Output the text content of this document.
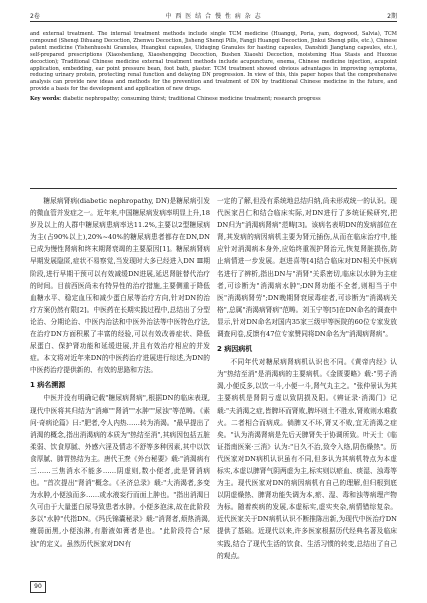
2卷	中 西 医 结 合 慢 性 病 杂 志	2期

and external treatment. The internal treatment methods include single TCM medicine (Huangqi, Poria, yam, dogwood, Salvia), TCM compound (Shenqi Dihuang Decoction, Zhenwu Decoction, Jisheng Shenqi Pills, Fangji Huangqi Decoction, Jinkui Shenqi pills, etc.), Chinese patent medicine (Yishenhuoshi Granules, Huangkui capsules, Uiduqing Granules for hasting capsules, Danshidi Jiangtang capsules, etc.), self-prepared prescriptions (Xiaoshenfang, Xiaoshengqing Decoction, Bushen Xiaoshi Decoction, moistening Hua Stasis and Huoxue decoction); Traditional Chinese medicine external treatment methods include acupuncture, enema, Chinese medicine injection, acupoint application, embedding, ear point pressure bean, foot bath, plaster. TCM treatment showed obvious advantages in improving symptoms, reducing urinary protein, protecting renal function and delaying DN progression. In view of this, this paper hopes that the comprehensive analysis can provide new ideas and methods for the prevention and treatment of DN by traditional Chinese medicine in the future, and provide a basis for the development and application of new drugs.

Key words: diabetic nephropathy; consuming thirst; traditional Chinese medicine treatment; research progress

糖尿病肾病(diabetic nephropathy, DN)是糖尿病引发的微血管并发症之一。近年来,中国糖尿病发病率明显上升,18岁及以上的人群中糖尿病患病率达11.2%,主要以2型糖尿病为主(占90%以上),20%~40%的糖尿病患者都存在DN,DN已成为慢性肾病和终末期肾衰竭的主要原因[1]。糖尿病肾病早期发展隐匿,症状不易察觉,当发现时大多已经进入DN Ⅲ期阶段,进行早期干预可以有效减缓DN进展,延迟肾脏替代治疗的时间。目前西医尚未有特异性的治疗措施,主要侧重于降低血糖水平、稳定血压和减少蛋白尿等治疗方向,针对DN的治疗方案仍然有限[2]。中医药在长期实践过程中,总结出了分型论治、分期论治、中医内治法和中医外治法等中医特色疗法,在治疗DN方面积累了丰富的经验,可以有效改善症状、降低尿蛋白、保护肾功能和延缓进展,并且有效治疗相应的并发症。本文将对近年来DN的中医药治疗进展进行综述,为DN的中医药治疗提供新的、有效的思路和方法。

1 病名溯源

中医并没有明确记载"糖尿病肾病",根据DN的临床表现,现代中医将其归结为"消瘅""肾消""水肿""尿浊"等范畴。《素问·奇病论篇》曰:"肥者,令人内热……转为消渴。"最早提出了消渴的概念,指出消渴病的本质为"热结至消",其病因包括五脏柔弱、饮食厚腻、外感六淫及情志不舒等多种因素,其中以饮食厚腻、肺胃热结为主。唐代王焘《外台秘要》载:"消渴病有三……三焦消水不能多……阴虚则,数小便者,此是肾消病也。"首次提出"肾消"概念。《圣济总录》载:"大消渴者,多变为水肿,小便浊而多……或水液妄行而面上肿也。"指出消渴日久可由于大量蛋白尿导致患者水肿。小便多泡沫,故在此阶段多以"水肿"代指DN。《玛氏锦囊秘录》载:"消肾者,烦热消渴,瘦弱面黑,小便浊淋,有脂液如膏者是也。"此阶段符合"尿浊"的定义。虽然历代医家对DN有

一定的了解,但没有系统地总结归纳,尚未形成统一的认识。现代医家吕仁和结合临床实际,对DN进行了多统证候研究,把DN归为"消渴病肾病"范畴[3]。该病名表明DN的发病部位在肾,其发病的病因病机主要为肾元插伤,从而在临床治疗中,能应针对消渴病本身外,应始终重视护肾治元,恢复肾脏损伤,防止病情进一步发展。赵进喜等[4]结合临床对DN相关中医病名进行了辨析,指出DN与"消肾"关系密切,临床以水肿为主症者,可诊断为"消渴病水肿";DN肾功能不全者,则相当于中医"消渴病肾劳";DN晚期肾衰尿毒症者,可诊断为"消渴病关格",总属"消渴病肾病"范畴。刘玉宁等[5]在DN命名的调查中显示,针对DN命名对国内35家三级甲等医院的60位专家发放调查问卷,反馈有47位专家赞同将DN命名为"消渴病肾病"。

2 病因病机

不同年代对糖尿病肾病机认识也不同。《黄帝内经》认为"热结至消"是消渴病的主要病机。《金匮要略》载:"男子消渴,小便反多,以饮一斗,小便一斗,肾气丸主之。"张仲景认为其主要病机是肾阴亏虚以致阴损及阳。《辨证录·消渴门》记载:"夫消渴之症,皆脾坏而肾败,脾坏则土不胜水,肾败则水难救火。二者相合而病成。倘脾又不坏,肾又不败,宜无消渴之症矣。"认为消渴肾病是先后天脾肾失于协调所致。叶天士《临证指南医案·三消》认为:"日久不治,致令入络,阴伤燥热"。历代医家对DN病机认识虽有不同,但多认为其病机特点为本虚标实,本虚以脾肾气阴两虚为主,标实则以瘀血、痰湿、浊毒等为主。现代医家对DN的病因病机有自己的理解,但归根到底以阴虚燥热、脾肾功能失调为本,瘀、湿、毒和浊等病理产物为标。随着疾病的发展,本虚标实,虚实夹杂,病情错综复杂。近代医家关于DN病机认识不断推陈出新,为现代中医治疗DN提供了基础。近现代以来,许多医家根据历代经典名著及临床实践,结合了现代生活的饮食、生活习惯的转变,总结出了自己的观点。

90
